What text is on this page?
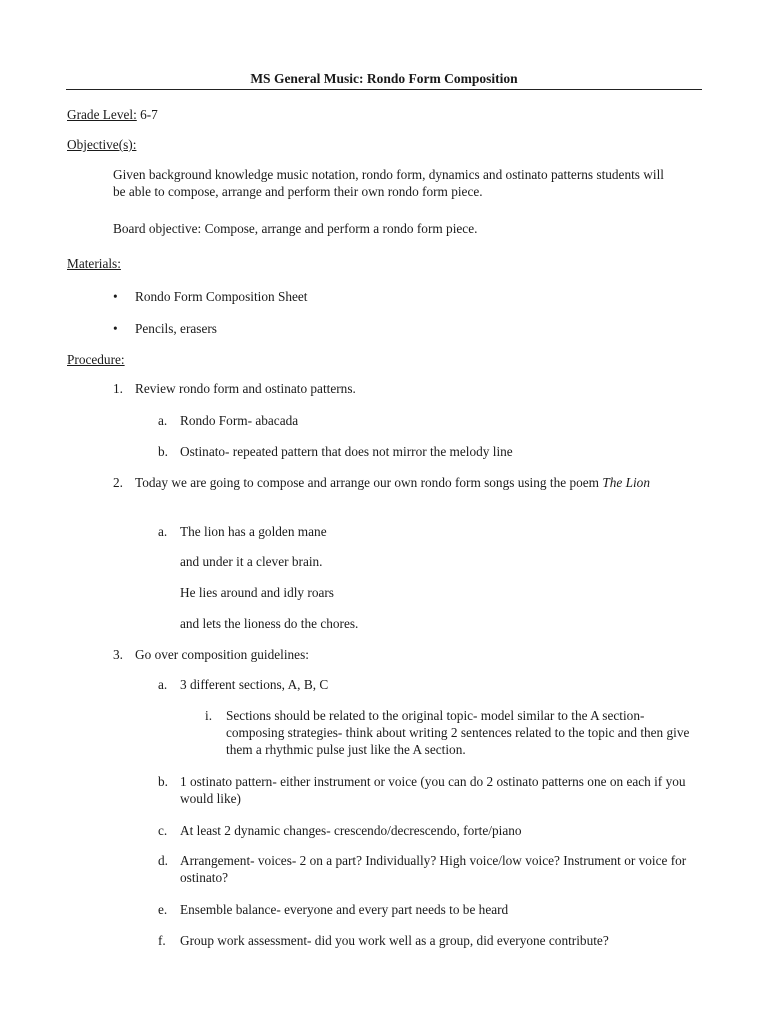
MS General Music: Rondo Form Composition

Grade Level: 6-7

Objective(s):

Given background knowledge music notation, rondo form, dynamics and ostinato patterns students will be able to compose, arrange and perform their own rondo form piece.

Board objective: Compose, arrange and perform a rondo form piece.

Materials:

• Rondo Form Composition Sheet

• Pencils, erasers

Procedure:

1. Review rondo form and ostinato patterns.

a. Rondo Form- abacada

b. Ostinato- repeated pattern that does not mirror the melody line

2. Today we are going to compose and arrange our own rondo form songs using the poem The Lion

a. The lion has a golden mane

and under it a clever brain.

He lies around and idly roars

and lets the lioness do the chores.

3. Go over composition guidelines:

a. 3 different sections, A, B, C

i. Sections should be related to the original topic- model similar to the A section- composing strategies- think about writing 2 sentences related to the topic and then give them a rhythmic pulse just like the A section.

b. 1 ostinato pattern- either instrument or voice (you can do 2 ostinato patterns one on each if you would like)

c. At least 2 dynamic changes- crescendo/decrescendo, forte/piano

d. Arrangement- voices- 2 on a part? Individually? High voice/low voice? Instrument or voice for ostinato?

e. Ensemble balance- everyone and every part needs to be heard

f. Group work assessment- did you work well as a group, did everyone contribute?
